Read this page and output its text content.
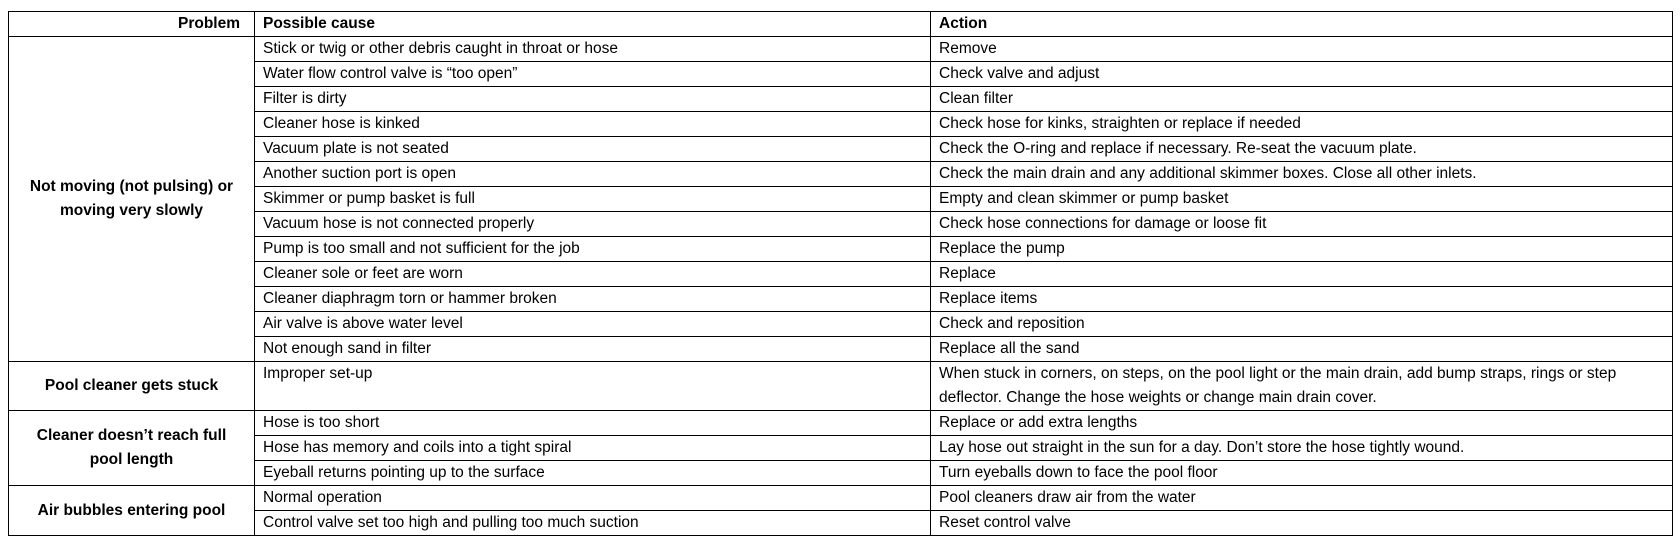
Problem	Possible cause	Action
Not moving (not pulsing) or moving very slowly	Stick or twig or other debris caught in throat or hose	Remove
	Water flow control valve is “too open”	Check valve and adjust
	Filter is dirty	Clean filter
	Cleaner hose is kinked	Check hose for kinks, straighten or replace if needed
	Vacuum plate is not seated	Check the O-ring and replace if necessary. Re-seat the vacuum plate.
	Another suction port is open	Check the main drain and any additional skimmer boxes. Close all other inlets.
	Skimmer or pump basket is full	Empty and clean skimmer or pump basket
	Vacuum hose is not connected properly	Check hose connections for damage or loose fit
	Pump is too small and not sufficient for the job	Replace the pump
	Cleaner sole or feet are worn	Replace
	Cleaner diaphragm torn or hammer broken	Replace items
	Air valve is above water level	Check and reposition
	Not enough sand in filter	Replace all the sand
Pool cleaner gets stuck	Improper set-up	When stuck in corners, on steps, on the pool light or the main drain, add bump straps, rings or step deflector. Change the hose weights or change main drain cover.
Cleaner doesn’t reach full pool length	Hose is too short	Replace or add extra lengths
	Hose has memory and coils into a tight spiral	Lay hose out straight in the sun for a day. Don’t store the hose tightly wound.
	Eyeball returns pointing up to the surface	Turn eyeballs down to face the pool floor
Air bubbles entering pool	Normal operation	Pool cleaners draw air from the water
	Control valve set too high and pulling too much suction	Reset control valve
